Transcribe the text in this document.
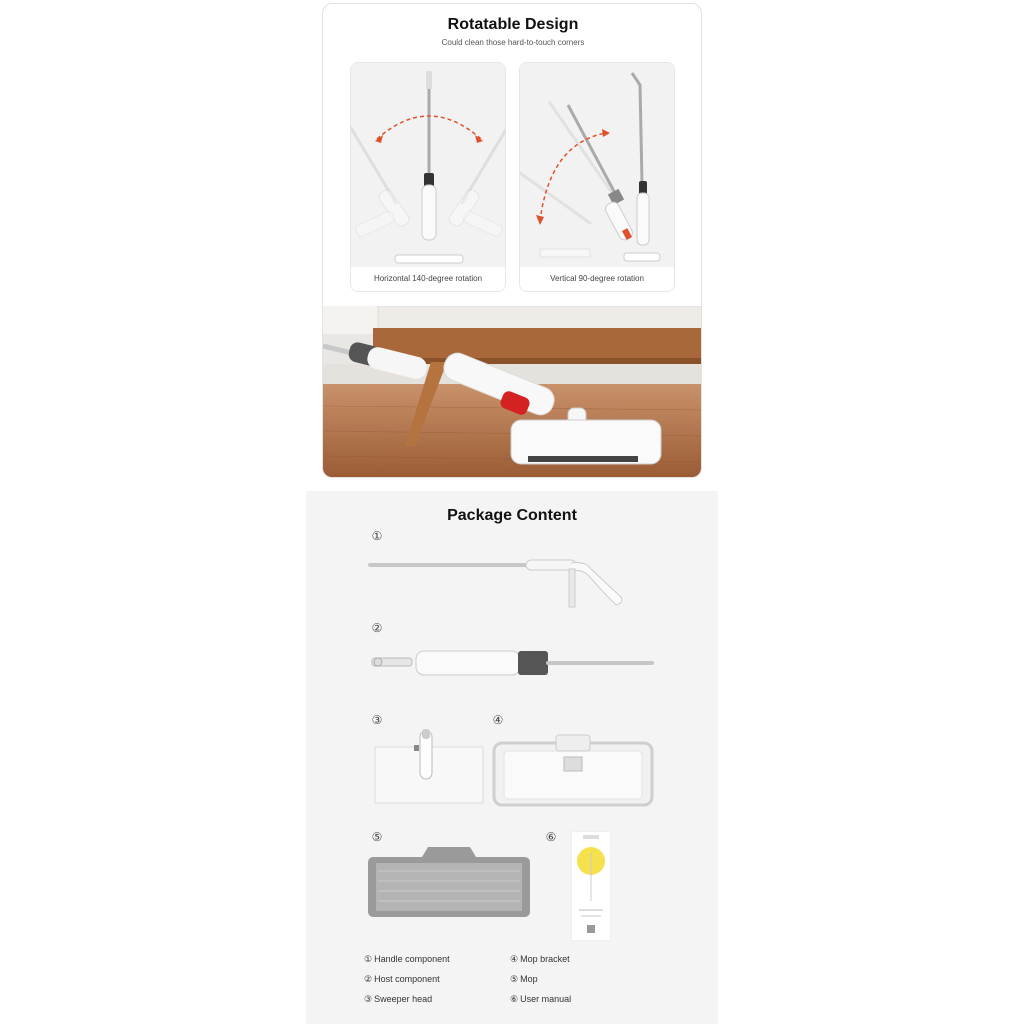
Rotatable Design
Could clean those hard-to-touch corners
Horizontal 140-degree rotation	Vertical 90-degree rotation
Package Content
①
②
③	④
⑤	⑥
① Handle component
② Host component
③ Sweeper head
④ Mop bracket
⑤ Mop
⑥ User manual
